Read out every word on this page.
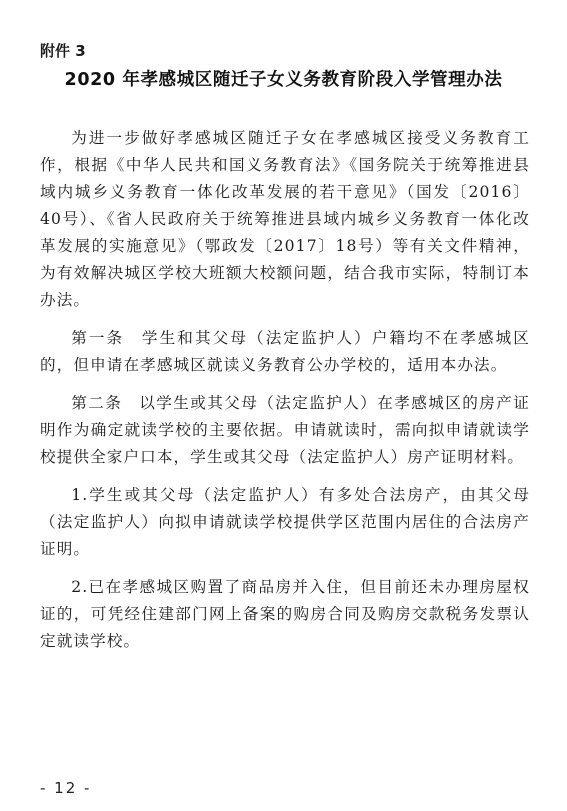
附件 3
2020 年孝感城区随迁子女义务教育阶段入学管理办法

为进一步做好孝感城区随迁子女在孝感城区接受义务教育工作，根据《中华人民共和国义务教育法》《国务院关于统筹推进县域内城乡义务教育一体化改革发展的若干意见》（国发〔2016〕40号）、《省人民政府关于统筹推进县域内城乡义务教育一体化改革发展的实施意见》（鄂政发〔2017〕18号）等有关文件精神，为有效解决城区学校大班额大校额问题，结合我市实际，特制订本办法。

第一条　学生和其父母（法定监护人）户籍均不在孝感城区的，但申请在孝感城区就读义务教育公办学校的，适用本办法。

第二条　以学生或其父母（法定监护人）在孝感城区的房产证明作为确定就读学校的主要依据。申请就读时，需向拟申请就读学校提供全家户口本，学生或其父母（法定监护人）房产证明材料。

1.学生或其父母（法定监护人）有多处合法房产，由其父母（法定监护人）向拟申请就读学校提供学区范围内居住的合法房产证明。

2.已在孝感城区购置了商品房并入住，但目前还未办理房屋权证的，可凭经住建部门网上备案的购房合同及购房交款税务发票认定就读学校。

- 12 -
